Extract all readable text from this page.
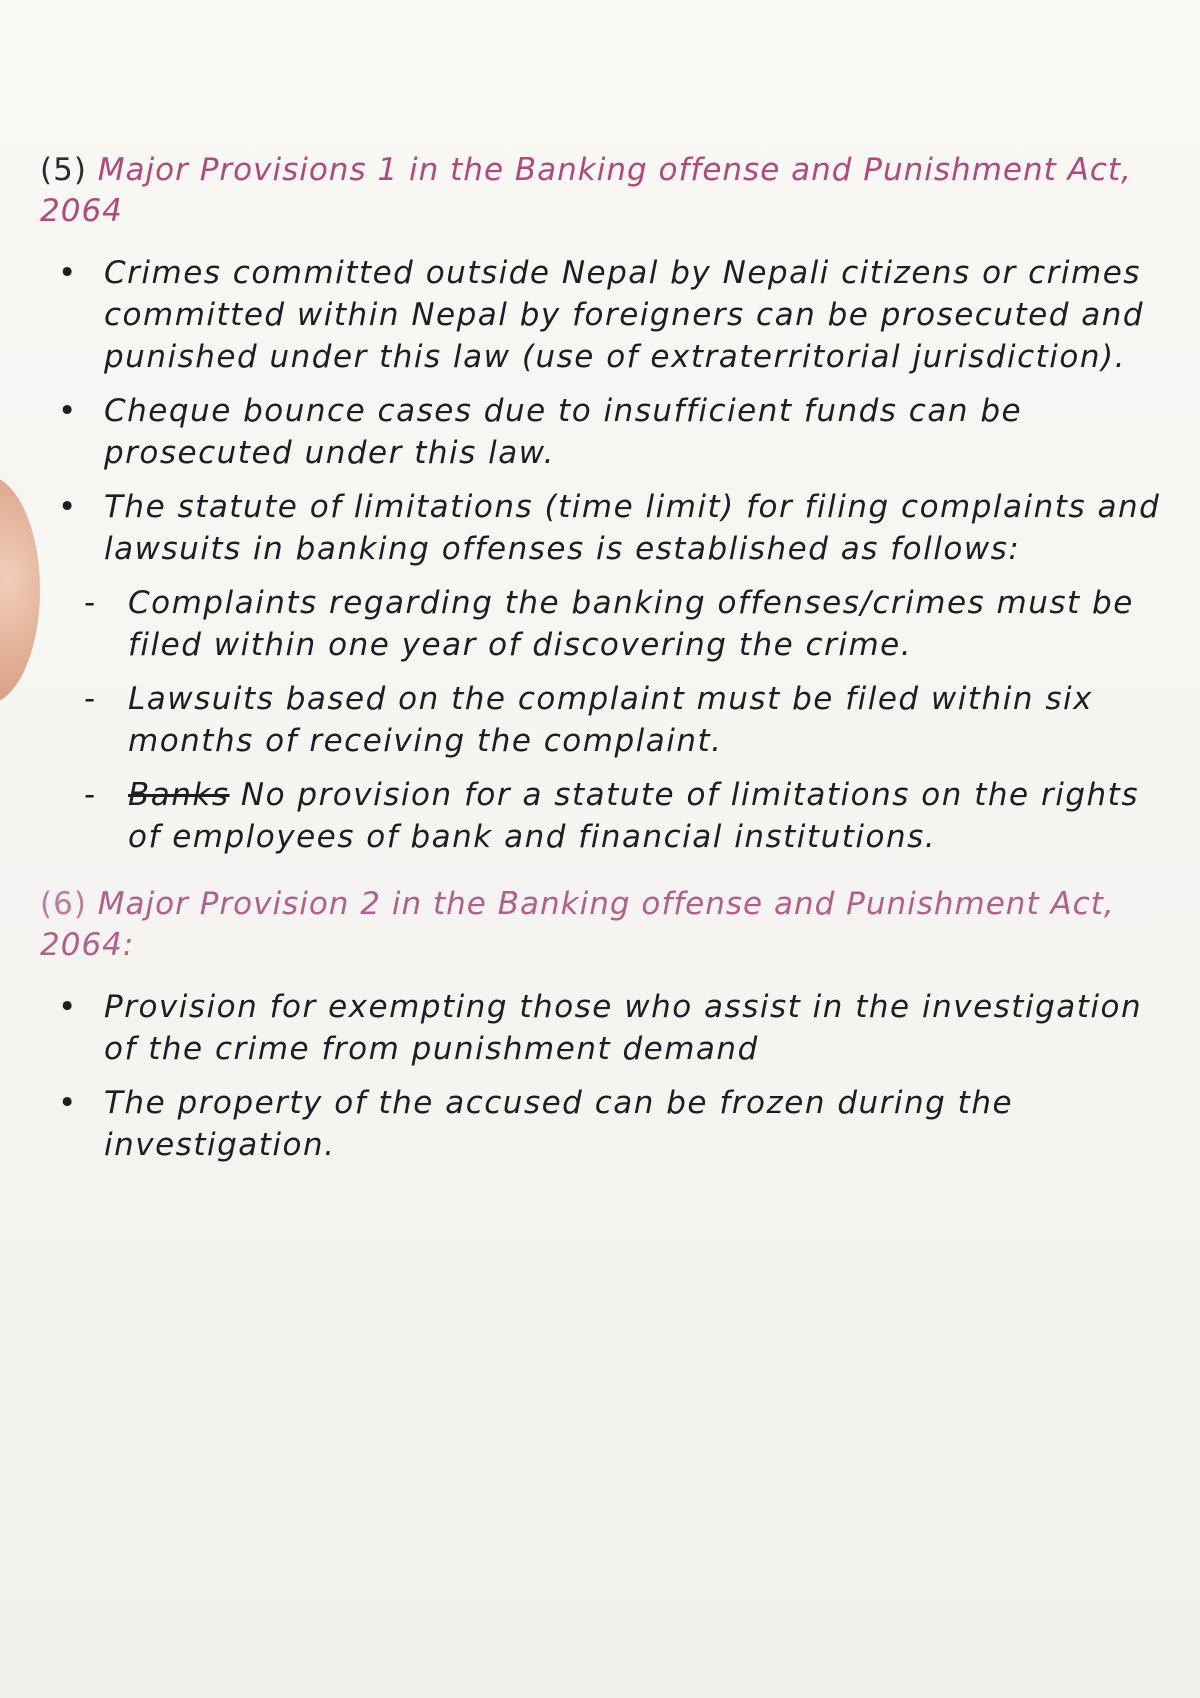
(5) Major Provisions 1 in the Banking offense and Punishment Act, 2064

• Crimes committed outside Nepal by Nepali citizens or crimes committed within Nepal by foreigners can be prosecuted and punished under this law (use of extraterritorial jurisdiction).
• Cheque bounce cases due to insufficient funds can be prosecuted under this law.
• The statute of limitations (time limit) for filing complaints and lawsuits in banking offenses is established as follows:
- Complaints regarding the banking offenses/crimes must be filed within one year of discovering the crime.
- Lawsuits based on the complaint must be filed within six months of receiving the complaint.
- Banks No provision for a statute of limitations on the rights of employees of bank and financial institutions.

(6) Major Provision 2 in the Banking offense and Punishment Act, 2064:

• Provision for exempting those who assist in the investigation of the crime from punishment demand
• The property of the accused can be frozen during the investigation.
